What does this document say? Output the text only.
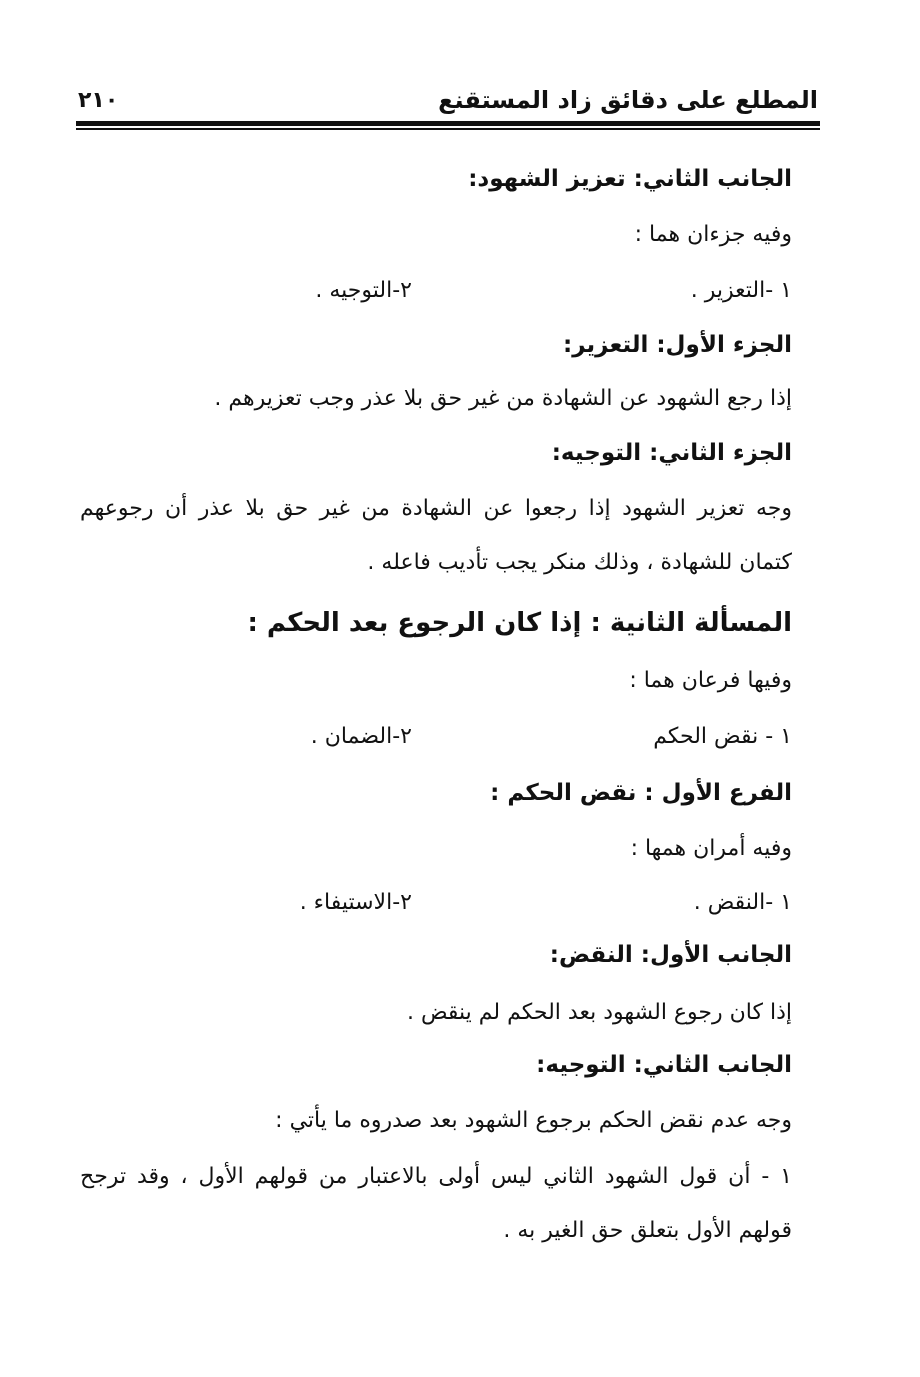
المطلع على دقائق زاد المستقنع
٢١٠
الجانب الثاني: تعزيز الشهود:
وفيه جزءان هما :
١ -التعزير .
٢-التوجيه .
الجزء الأول: التعزير:
إذا رجع الشهود عن الشهادة من غير حق بلا عذر وجب تعزيرهم .
الجزء الثاني: التوجيه:
وجه تعزير الشهود إذا رجعوا عن الشهادة من غير حق بلا عذر أن رجوعهم
كتمان للشهادة ، وذلك منكر يجب تأديب فاعله .
المسألة الثانية : إذا كان الرجوع بعد الحكم :
وفيها فرعان هما :
١ - نقض الحكم
٢-الضمان .
الفرع الأول : نقض الحكم :
وفيه أمران همها :
١ -النقض .
٢-الاستيفاء .
الجانب الأول: النقض:
إذا كان رجوع الشهود بعد الحكم لم ينقض .
الجانب الثاني: التوجيه:
وجه عدم نقض الحكم برجوع الشهود بعد صدروه ما يأتي :
١ - أن قول الشهود الثاني ليس أولى بالاعتبار من قولهم الأول ، وقد ترجح
قولهم الأول بتعلق حق الغير به .
